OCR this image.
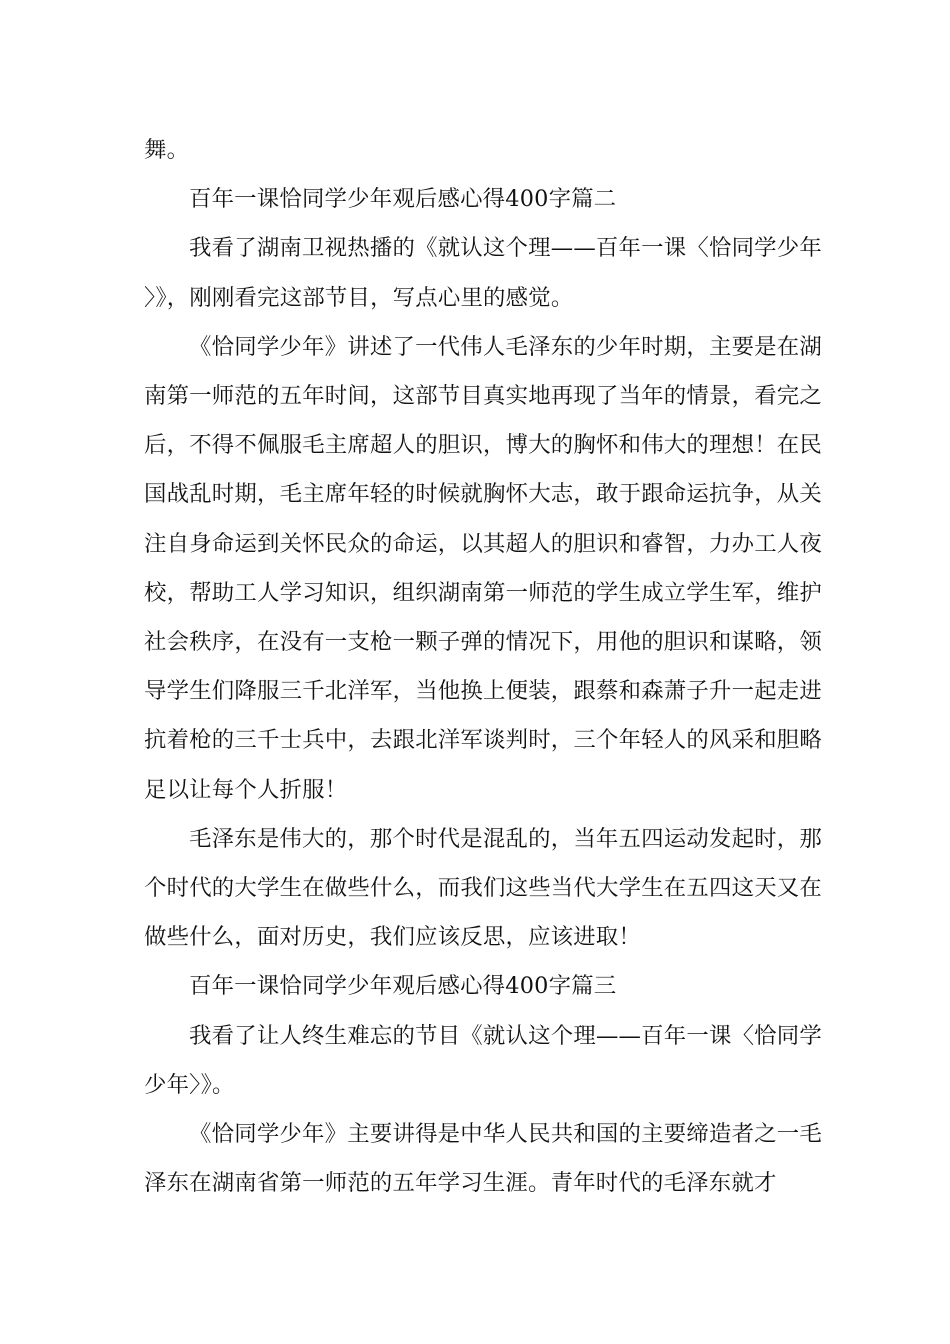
舞。

百年一课恰同学少年观后感心得400字篇二

我看了湖南卫视热播的《就认这个理——百年一课〈恰同学少年〉》，刚刚看完这部节目，写点心里的感觉。

《恰同学少年》讲述了一代伟人毛泽东的少年时期，主要是在湖南第一师范的五年时间，这部节目真实地再现了当年的情景，看完之后，不得不佩服毛主席超人的胆识，博大的胸怀和伟大的理想！在民国战乱时期，毛主席年轻的时候就胸怀大志，敢于跟命运抗争，从关注自身命运到关怀民众的命运，以其超人的胆识和睿智，力办工人夜校，帮助工人学习知识，组织湖南第一师范的学生成立学生军，维护社会秩序，在没有一支枪一颗子弹的情况下，用他的胆识和谋略，领导学生们降服三千北洋军，当他换上便装，跟蔡和森萧子升一起走进抗着枪的三千士兵中，去跟北洋军谈判时，三个年轻人的风采和胆略足以让每个人折服！

毛泽东是伟大的，那个时代是混乱的，当年五四运动发起时，那个时代的大学生在做些什么，而我们这些当代大学生在五四这天又在做些什么，面对历史，我们应该反思，应该进取！

百年一课恰同学少年观后感心得400字篇三

我看了让人终生难忘的节目《就认这个理——百年一课〈恰同学少年〉》。

《恰同学少年》主要讲得是中华人民共和国的主要缔造者之一毛泽东在湖南省第一师范的五年学习生涯。青年时代的毛泽东就才
